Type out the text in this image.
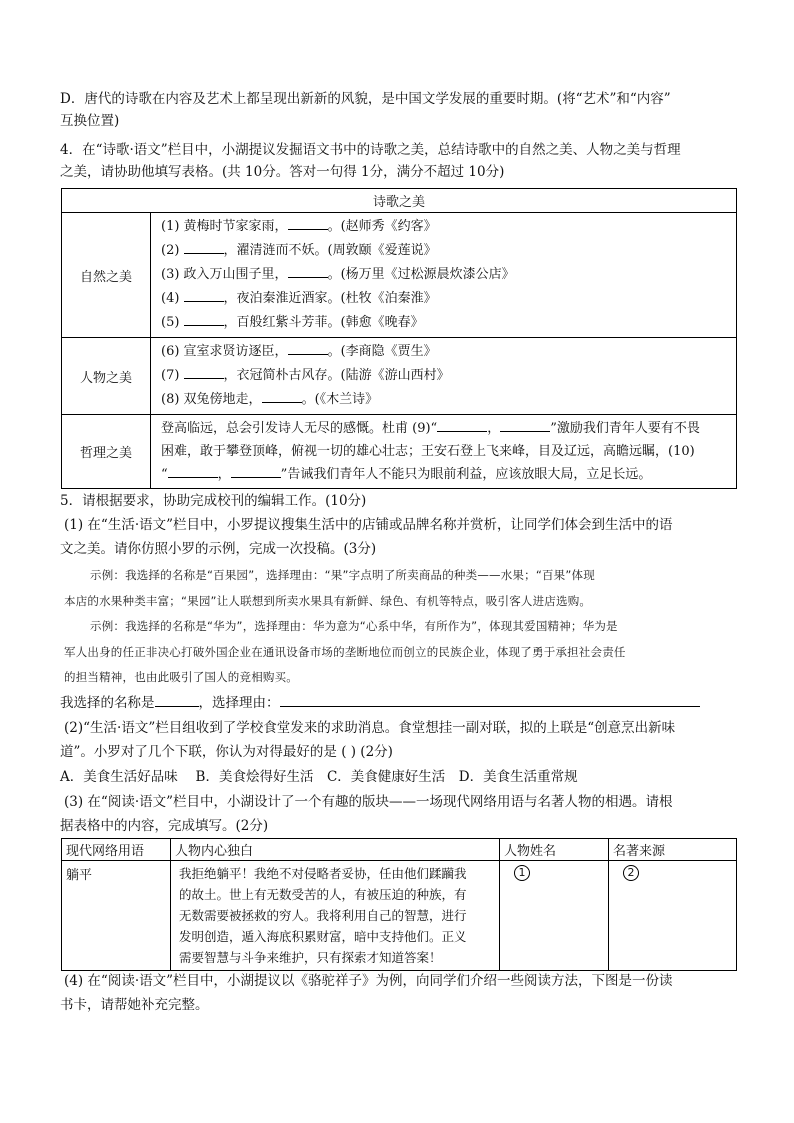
D．唐代的诗歌在内容及艺术上都呈现出新新的风貌，是中国文学发展的重要时期。(将“艺术”和“内容”
互换位置)
4．在“诗歌·语文”栏目中，小湖提议发掘语文书中的诗歌之美，总结诗歌中的自然之美、人物之美与哲理
之美，请协助他填写表格。(共 10分。答对一句得 1分，满分不超过 10分)
诗歌之美	
自然之美	(1) 黄梅时节家家雨， 。(赵师秀《约客》
(2) ，濯清涟而不妖。(周敦颐《爱莲说》
(3) 政入万山围子里， 。(杨万里《过松源晨炊漆公店》
(4) ，夜泊秦淮近酒家。(杜牧《泊秦淮》
(5) ，百般红紫斗芳菲。(韩愈《晚春》

人物之美	(6) 宣室求贤访逐臣， 。(李商隐《贾生》
(7) ，衣冠简朴古风存。(陆游《游山西村》
(8) 双兔傍地走， 。(《木兰诗》

哲理之美	登高临远，总会引发诗人无尽的感慨。杜甫 (9)“ ， ”激励我们青年人要有不畏
困难，敢于攀登顶峰，俯视一切的雄心壮志；王安石登上飞来峰，目及辽远，高瞻远瞩，(10)
“ ， ”告诫我们青年人不能只为眼前利益，应该放眼大局，立足长远。
5．请根据要求，协助完成校刊的编辑工作。(10分)
(1) 在“生活·语文”栏目中，小罗提议搜集生活中的店铺或品牌名称并赏析，让同学们体会到生活中的语
文之美。请你仿照小罗的示例，完成一次投稿。(3分)
示例：我选择的名称是“百果园”，选择理由：“果”字点明了所卖商品的种类——水果；“百果”体现
本店的水果种类丰富；“果园”让人联想到所卖水果具有新鲜、绿色、有机等特点，吸引客人进店选购。
示例：我选择的名称是“华为”，选择理由：华为意为“心系中华，有所作为”，体现其爱国精神；华为是
军人出身的任正非决心打破外国企业在通讯设备市场的垄断地位而创立的民族企业，体现了勇于承担社会责任
的担当精神，也由此吸引了国人的竞相购买。
我选择的名称是	，选择理由：
(2)“生活·语文”栏目组收到了学校食堂发来的求助消息。食堂想挂一副对联，拟的上联是“创意烹出新味
道”。小罗对了几个下联，你认为对得最好的是 ( ) (2分)
A．美食生活好品味　 B．美食烩得好生活　C．美食健康好生活　D．美食生活重常规
(3) 在“阅读·语文”栏目中，小湖设计了一个有趣的版块——一场现代网络用语与名著人物的相遇。请根
据表格中的内容，完成填写。(2分)
现代网络用语	人物内心独白	人物姓名	名著来源
躺平	我拒绝躺平！我绝不对侵略者妥协，任由他们蹂躏我
的故土。世上有无数受苦的人，有被压迫的种族，有
无数需要被拯救的穷人。我将利用自己的智慧，进行
发明创造，遁入海底积累财富，暗中支持他们。正义
需要智慧与斗争来维护，只有探索才知道答案！	1	2
(4) 在“阅读·语文”栏目中，小湖提议以《骆驼祥子》为例，向同学们介绍一些阅读方法，下图是一份读
书卡，请帮她补充完整。
